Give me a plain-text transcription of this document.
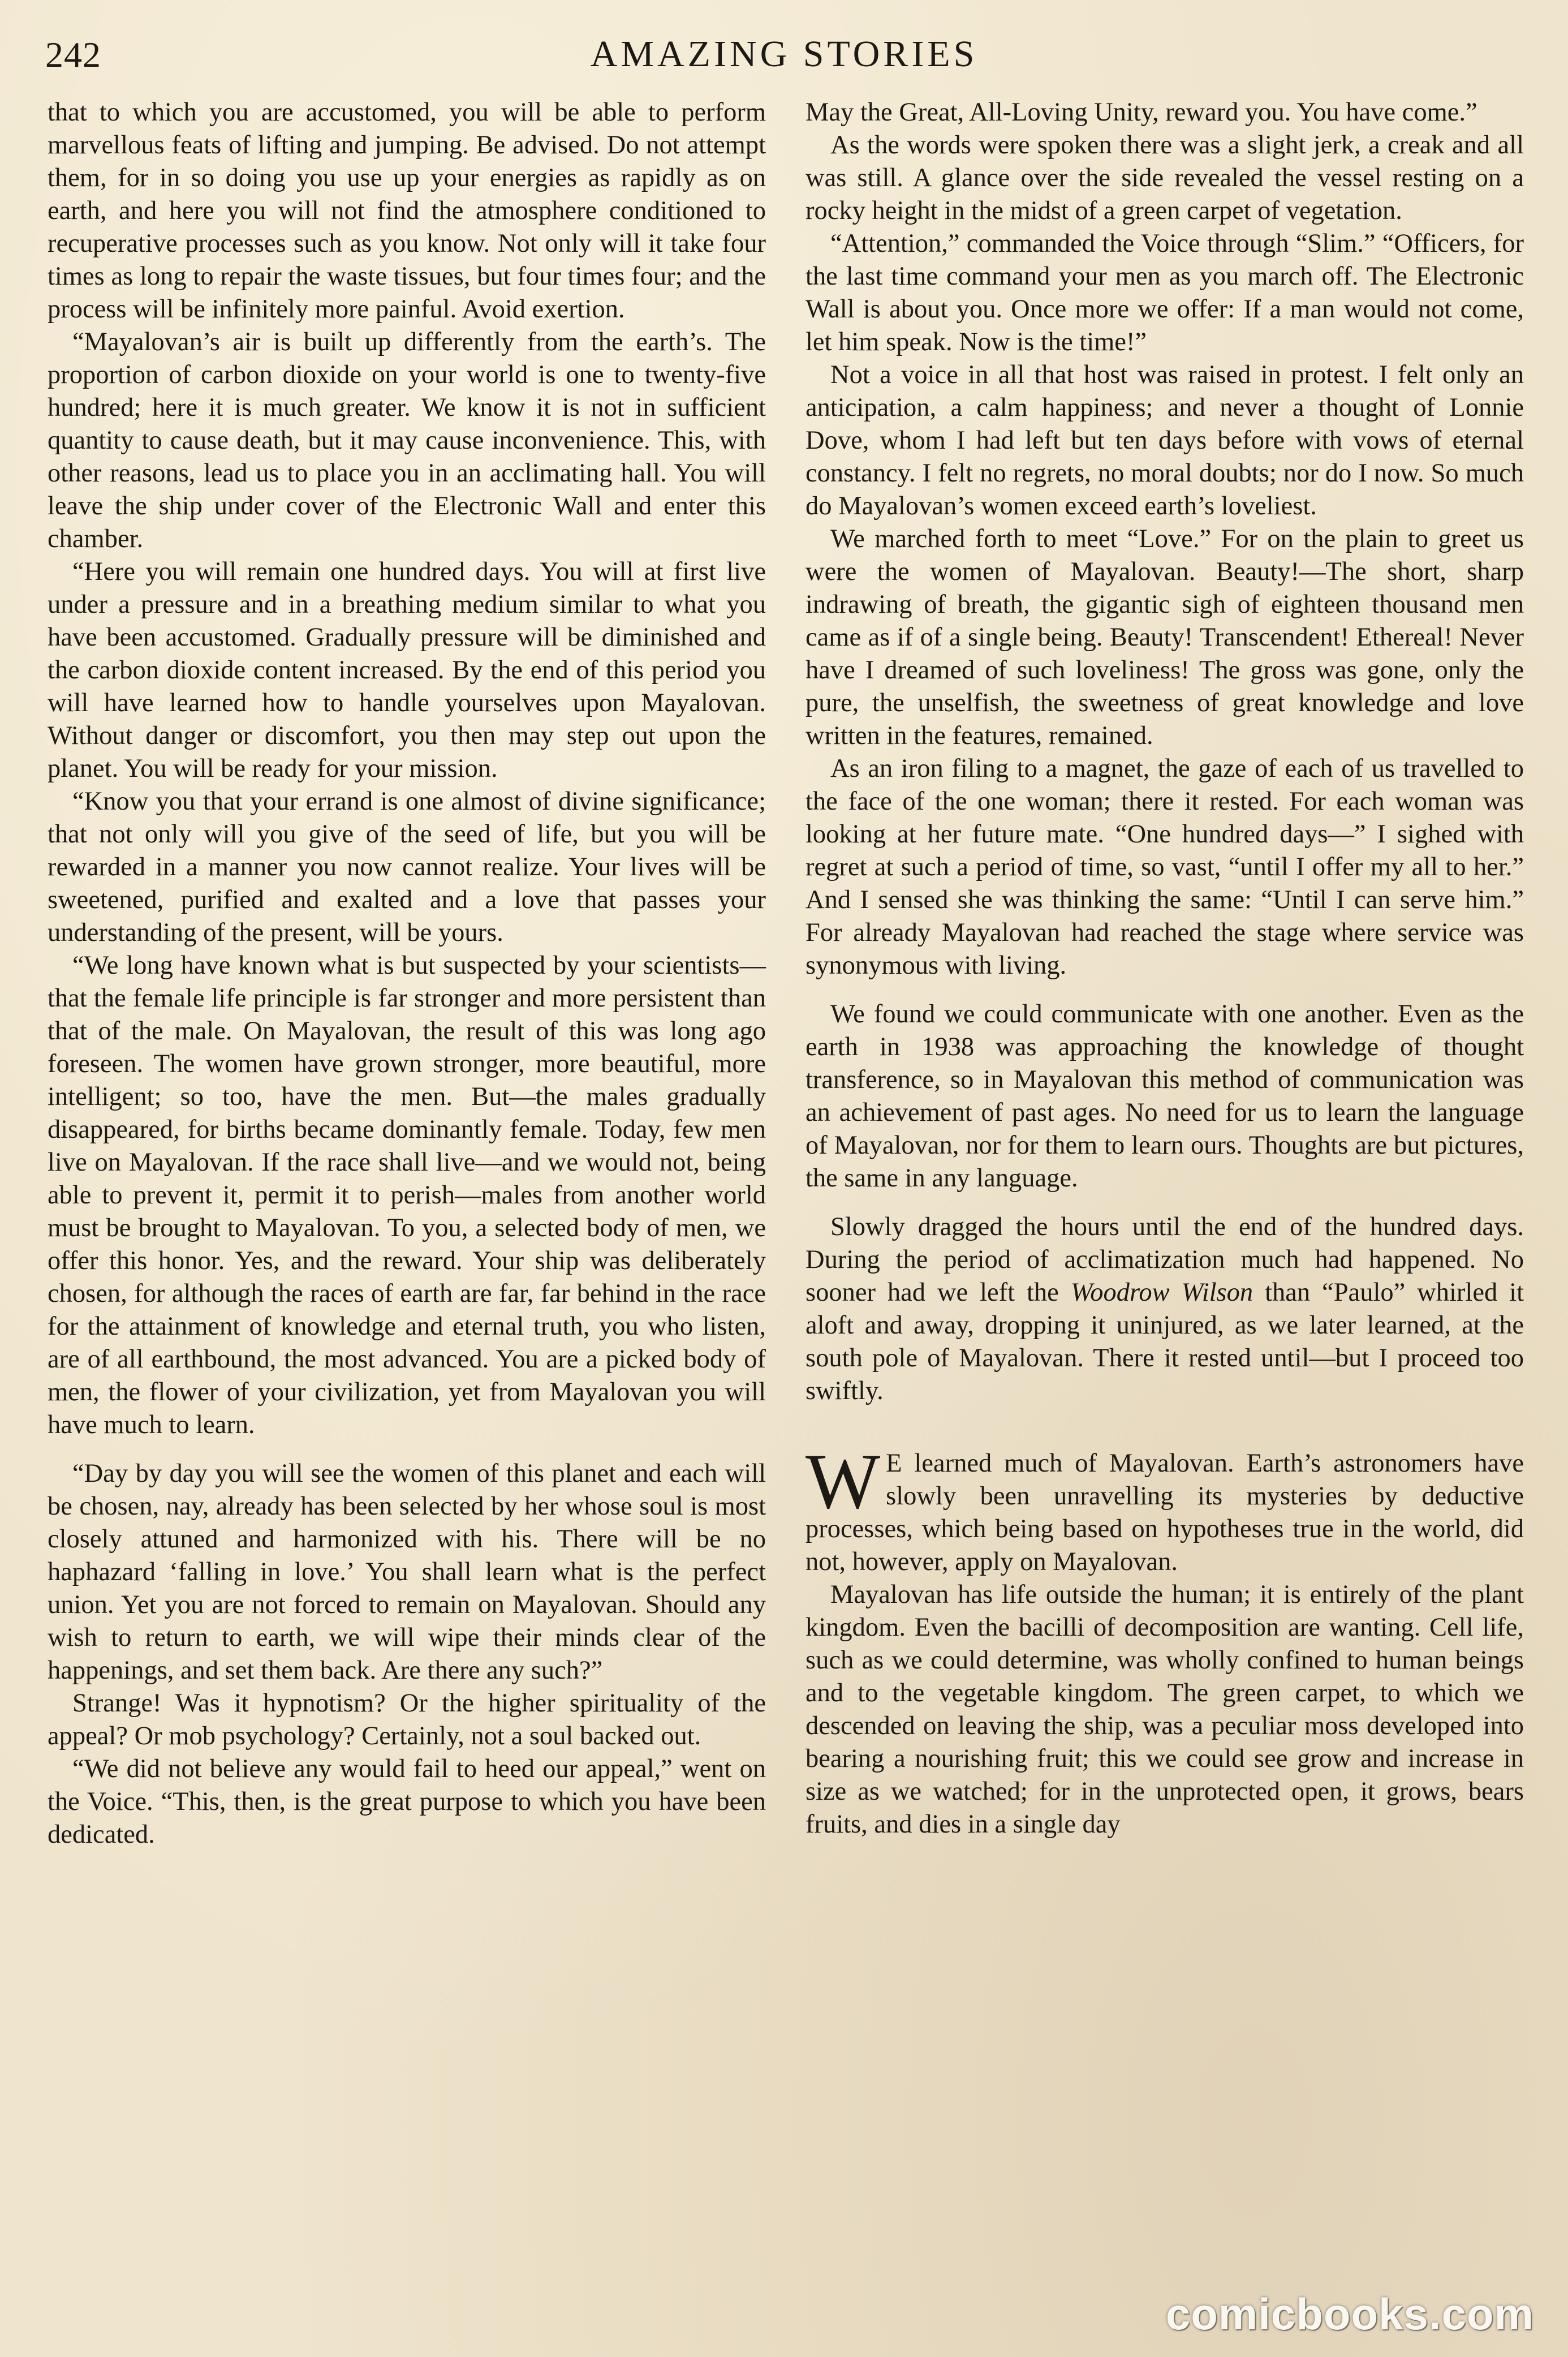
242	AMAZING STORIES

that to which you are accustomed, you will be able to perform marvellous feats of lifting and jumping. Be advised. Do not attempt them, for in so doing you use up your energies as rapidly as on earth, and here you will not find the atmosphere conditioned to recuperative processes such as you know. Not only will it take four times as long to repair the waste tissues, but four times four; and the process will be infinitely more painful. Avoid exertion.

“Mayalovan’s air is built up differently from the earth’s. The proportion of carbon dioxide on your world is one to twenty-five hundred; here it is much greater. We know it is not in sufficient quantity to cause death, but it may cause inconvenience. This, with other reasons, lead us to place you in an acclimating hall. You will leave the ship under cover of the Electronic Wall and enter this chamber.

“Here you will remain one hundred days. You will at first live under a pressure and in a breathing medium similar to what you have been accustomed. Gradually pressure will be diminished and the carbon dioxide content increased. By the end of this period you will have learned how to handle yourselves upon Mayalovan. Without danger or discomfort, you then may step out upon the planet. You will be ready for your mission.

“Know you that your errand is one almost of divine significance; that not only will you give of the seed of life, but you will be rewarded in a manner you now cannot realize. Your lives will be sweetened, purified and exalted and a love that passes your understanding of the present, will be yours.

“We long have known what is but suspected by your scientists—that the female life principle is far stronger and more persistent than that of the male. On Mayalovan, the result of this was long ago foreseen. The women have grown stronger, more beautiful, more intelligent; so too, have the men. But—the males gradually disappeared, for births became dominantly female. Today, few men live on Mayalovan. If the race shall live—and we would not, being able to prevent it, permit it to perish—males from another world must be brought to Mayalovan. To you, a selected body of men, we offer this honor. Yes, and the reward. Your ship was deliberately chosen, for although the races of earth are far, far behind in the race for the attainment of knowledge and eternal truth, you who listen, are of all earthbound, the most advanced. You are a picked body of men, the flower of your civilization, yet from Mayalovan you will have much to learn.

“Day by day you will see the women of this planet and each will be chosen, nay, already has been selected by her whose soul is most closely attuned and harmonized with his. There will be no haphazard ‘falling in love.’ You shall learn what is the perfect union. Yet you are not forced to remain on Mayalovan. Should any wish to return to earth, we will wipe their minds clear of the happenings, and set them back. Are there any such?”

Strange! Was it hypnotism? Or the higher spirituality of the appeal? Or mob psychology? Certainly, not a soul backed out.

“We did not believe any would fail to heed our appeal,” went on the Voice. “This, then, is the great purpose to which you have been dedicated.

May the Great, All-Loving Unity, reward you. You have come.”

As the words were spoken there was a slight jerk, a creak and all was still. A glance over the side revealed the vessel resting on a rocky height in the midst of a green carpet of vegetation.

“Attention,” commanded the Voice through “Slim.” “Officers, for the last time command your men as you march off. The Electronic Wall is about you. Once more we offer: If a man would not come, let him speak. Now is the time!”

Not a voice in all that host was raised in protest. I felt only an anticipation, a calm happiness; and never a thought of Lonnie Dove, whom I had left but ten days before with vows of eternal constancy. I felt no regrets, no moral doubts; nor do I now. So much do Mayalovan’s women exceed earth’s loveliest.

We marched forth to meet “Love.” For on the plain to greet us were the women of Mayalovan. Beauty!—The short, sharp indrawing of breath, the gigantic sigh of eighteen thousand men came as if of a single being. Beauty! Transcendent! Ethereal! Never have I dreamed of such loveliness! The gross was gone, only the pure, the unselfish, the sweetness of great knowledge and love written in the features, remained.

As an iron filing to a magnet, the gaze of each of us travelled to the face of the one woman; there it rested. For each woman was looking at her future mate. “One hundred days—” I sighed with regret at such a period of time, so vast, “until I offer my all to her.” And I sensed she was thinking the same: “Until I can serve him.” For already Mayalovan had reached the stage where service was synonymous with living.

We found we could communicate with one another. Even as the earth in 1938 was approaching the knowledge of thought transference, so in Mayalovan this method of communication was an achievement of past ages. No need for us to learn the language of Mayalovan, nor for them to learn ours. Thoughts are but pictures, the same in any language.

Slowly dragged the hours until the end of the hundred days. During the period of acclimatization much had happened. No sooner had we left the Woodrow Wilson than “Paulo” whirled it aloft and away, dropping it uninjured, as we later learned, at the south pole of Mayalovan. There it rested until—but I proceed too swiftly.

W E learned much of Mayalovan. Earth’s astronomers have slowly been unravelling its mysteries by deductive processes, which being based on hypotheses true in the world, did not, however, apply on Mayalovan.

Mayalovan has life outside the human; it is entirely of the plant kingdom. Even the bacilli of decomposition are wanting. Cell life, such as we could determine, was wholly confined to human beings and to the vegetable kingdom. The green carpet, to which we descended on leaving the ship, was a peculiar moss developed into bearing a nourishing fruit; this we could see grow and increase in size as we watched; for in the unprotected open, it grows, bears fruits, and dies in a single day

comicbooks.com
